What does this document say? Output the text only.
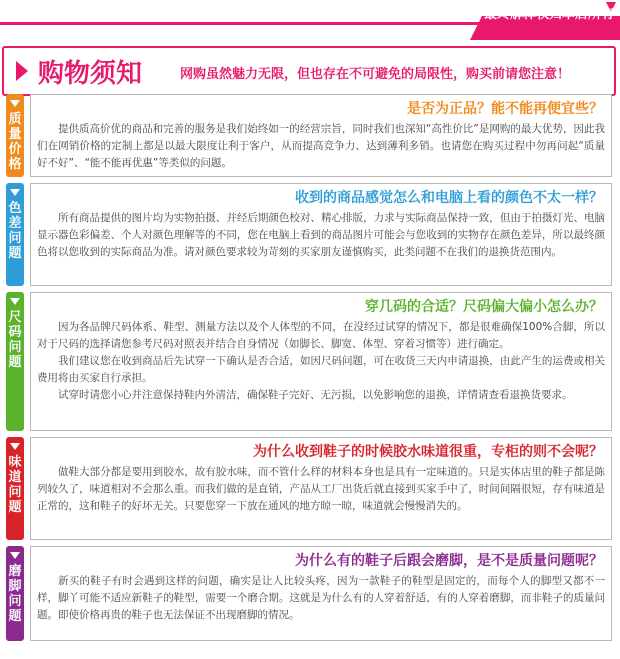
最终解释权归本店所有
购物须知	网购虽然魅力无限，但也存在不可避免的局限性，购买前请您注意！
质量价格
是否为正品？能不能再便宜些？

提供质高价优的商品和完善的服务是我们始终如一的经营宗旨，同时我们也深知“高性价比”是网购的最大优势，因此我们在网销价格的定制上都是以最大限度让利于客户，从而提高竞争力、达到薄利多销。也请您在购买过程中勿再问起“质量好不好”、“能不能再优惠”等类似的问题。

色差问题
收到的商品感觉怎么和电脑上看的颜色不太一样？

所有商品提供的图片均为实物拍摄、并经后期颜色校对、精心排版，力求与实际商品保持一致，但由于拍摄灯光、电脑显示器色彩偏差、个人对颜色理解等的不同，您在电脑上看到的商品图片可能会与您收到的实物存在颜色差异，所以最终颜色将以您收到的实际商品为准。请对颜色要求较为苛刻的买家朋友谨慎购买，此类问题不在我们的退换货范围内。

尺码问题
穿几码的合适？尺码偏大偏小怎么办？

因为各品牌尺码体系、鞋型、测量方法以及个人体型的不同，在没经过试穿的情况下，都是很难确保100%合脚，所以对于尺码的选择请您参考尺码对照表并结合自身情况（如脚长、脚宽、体型、穿着习惯等）进行确定。

我们建议您在收到商品后先试穿一下确认是否合适，如因尺码问题，可在收货三天内申请退换，由此产生的运费或相关费用将由买家自行承担。

试穿时请您小心并注意保持鞋内外清洁，确保鞋子完好、无污损，以免影响您的退换，详情请查看退换货要求。

味道问题
为什么收到鞋子的时候胶水味道很重，专柜的则不会呢？

做鞋大部分都是要用到胶水，故有胶水味，而不管什么样的材料本身也是具有一定味道的。只是实体店里的鞋子都是陈列较久了，味道相对不会那么重。而我们做的是直销，产品从工厂出货后就直接到买家手中了，时间间隔很短，存有味道是正常的，这和鞋子的好坏无关。只要您穿一下放在通风的地方晾一晾，味道就会慢慢消失的。

磨脚问题
为什么有的鞋子后跟会磨脚，是不是质量问题呢？

新买的鞋子有时会遇到这样的问题，确实是让人比较头疼，因为一款鞋子的鞋型是固定的，而每个人的脚型又都不一样，脚丫可能不适应新鞋子的鞋型，需要一个磨合期。这就是为什么有的人穿着舒适，有的人穿着磨脚，而非鞋子的质量问题。即使价格再贵的鞋子也无法保证不出现磨脚的情况。
